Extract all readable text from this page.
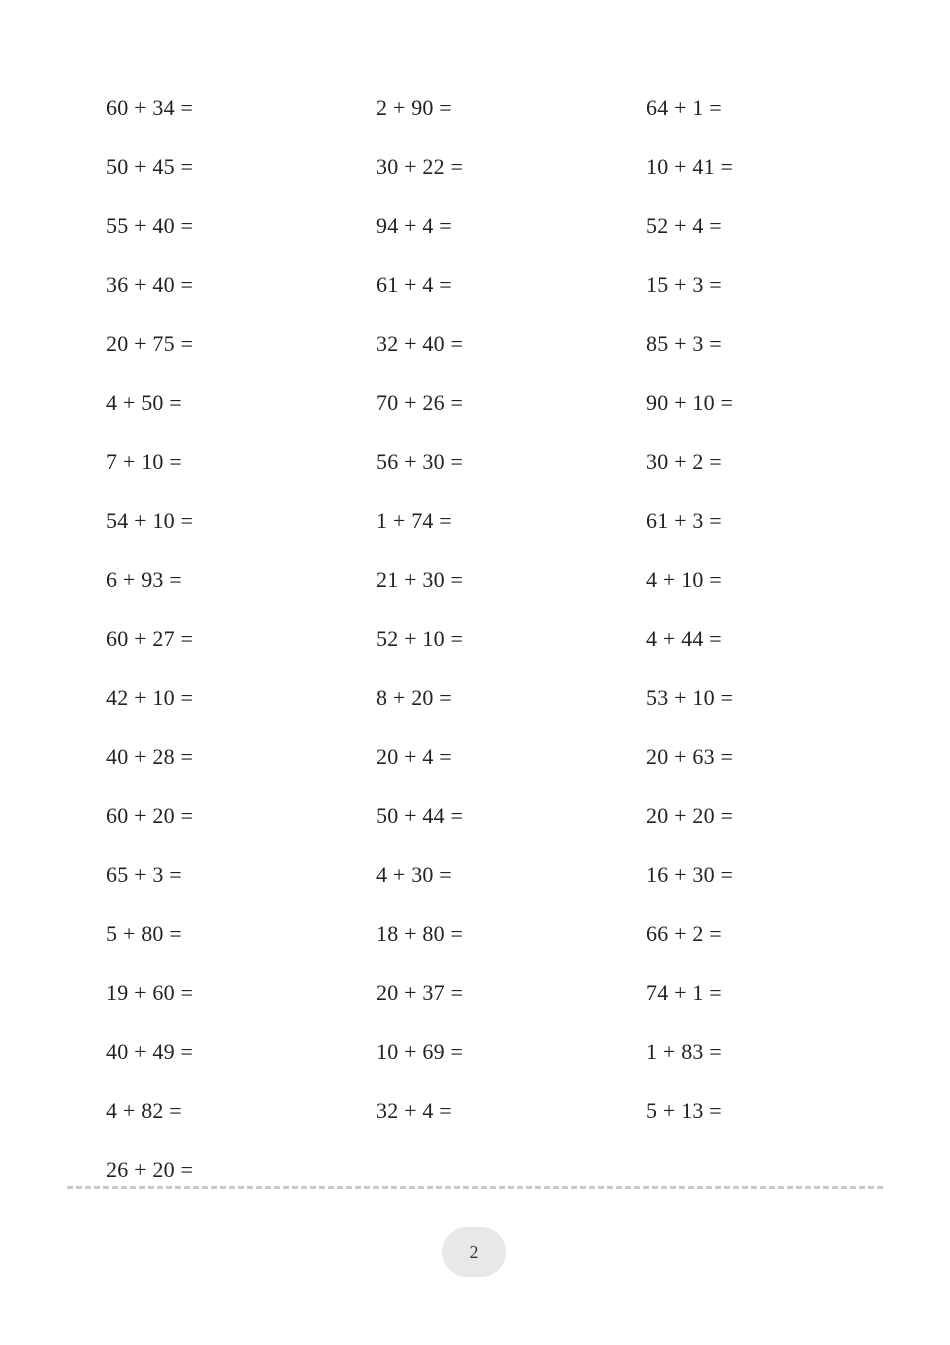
60 + 34 =	2 + 90 =	64 + 1 =
50 + 45 =	30 + 22 =	10 + 41 =
55 + 40 =	94 + 4 =	52 + 4 =
36 + 40 =	61 + 4 =	15 + 3 =
20 + 75 =	32 + 40 =	85 + 3 =
4 + 50 =	70 + 26 =	90 + 10 =
7 + 10 =	56 + 30 =	30 + 2 =
54 + 10 =	1 + 74 =	61 + 3 =
6 + 93 =	21 + 30 =	4 + 10 =
60 + 27 =	52 + 10 =	4 + 44 =
42 + 10 =	8 + 20 =	53 + 10 =
40 + 28 =	20 + 4 =	20 + 63 =
60 + 20 =	50 + 44 =	20 + 20 =
65 + 3 =	4 + 30 =	16 + 30 =
5 + 80 =	18 + 80 =	66 + 2 =
19 + 60 =	20 + 37 =	74 + 1 =
40 + 49 =	10 + 69 =	1 + 83 =
4 + 82 =	32 + 4 =	5 + 13 =
26 + 20 =
2
